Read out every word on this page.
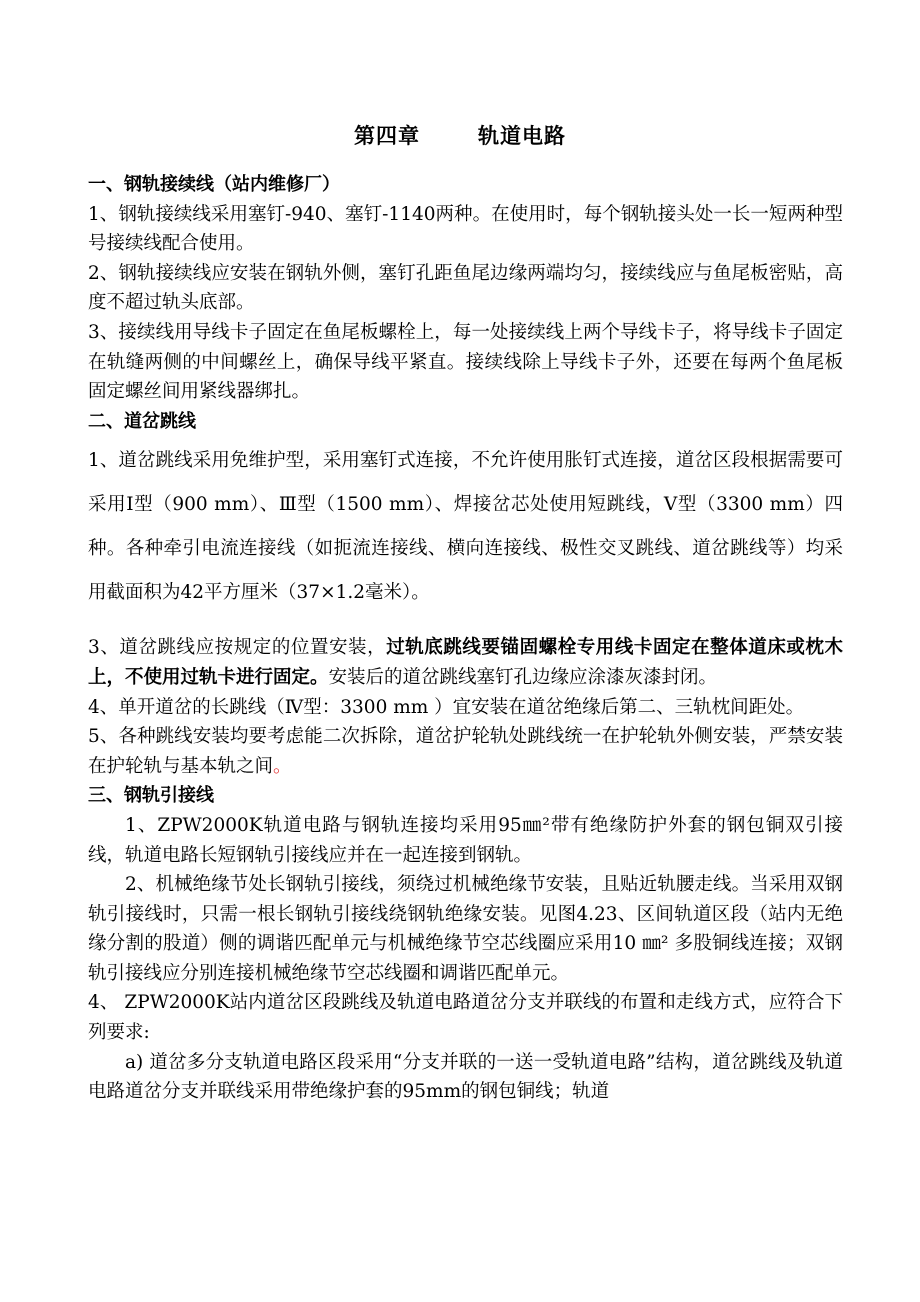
第四章	轨道电路

一、钢轨接续线（站内维修厂）

1、钢轨接续线采用塞钉-940、塞钉-1140两种。在使用时，每个钢轨接头处一长一短两种型号接续线配合使用。

2、钢轨接续线应安装在钢轨外侧，塞钉孔距鱼尾边缘两端均匀，接续线应与鱼尾板密贴，高度不超过轨头底部。

3、接续线用导线卡子固定在鱼尾板螺栓上，每一处接续线上两个导线卡子，将导线卡子固定在轨缝两侧的中间螺丝上，确保导线平紧直。接续线除上导线卡子外，还要在每两个鱼尾板固定螺丝间用紧线器绑扎。

二、道岔跳线

1、道岔跳线采用免维护型，采用塞钉式连接，不允许使用胀钉式连接，道岔区段根据需要可采用Ⅰ型（900 mm）、Ⅲ型（1500 mm）、焊接岔芯处使用短跳线，Ⅴ型（3300 mm）四种。各种牵引电流连接线（如扼流连接线、横向连接线、极性交叉跳线、道岔跳线等）均采用截面积为42平方厘米（37×1.2毫米）。

3、道岔跳线应按规定的位置安装，过轨底跳线要锚固螺栓专用线卡固定在整体道床或枕木上，不使用过轨卡进行固定。安装后的道岔跳线塞钉孔边缘应涂漆灰漆封闭。

4、单开道岔的长跳线（Ⅳ型：3300 mm ）宜安装在道岔绝缘后第二、三轨枕间距处。

5、各种跳线安装均要考虑能二次拆除，道岔护轮轨处跳线统一在护轮轨外侧安装，严禁安装在护轮轨与基本轨之间。

三、钢轨引接线

1、ZPW2000K轨道电路与钢轨连接均采用95㎜²带有绝缘防护外套的钢包铜双引接线，轨道电路长短钢轨引接线应并在一起连接到钢轨。

2、机械绝缘节处长钢轨引接线，须绕过机械绝缘节安装，且贴近轨腰走线。当采用双钢轨引接线时，只需一根长钢轨引接线绕钢轨绝缘安装。见图4.23、区间轨道区段（站内无绝缘分割的股道）侧的调谐匹配单元与机械绝缘节空芯线圈应采用10 ㎜² 多股铜线连接；双钢轨引接线应分别连接机械绝缘节空芯线圈和调谐匹配单元。

4、 ZPW2000K站内道岔区段跳线及轨道电路道岔分支并联线的布置和走线方式，应符合下列要求:

a) 道岔多分支轨道电路区段采用“分支并联的一送一受轨道电路”结构，道岔跳线及轨道电路道岔分支并联线采用带绝缘护套的95mm的钢包铜线；轨道
